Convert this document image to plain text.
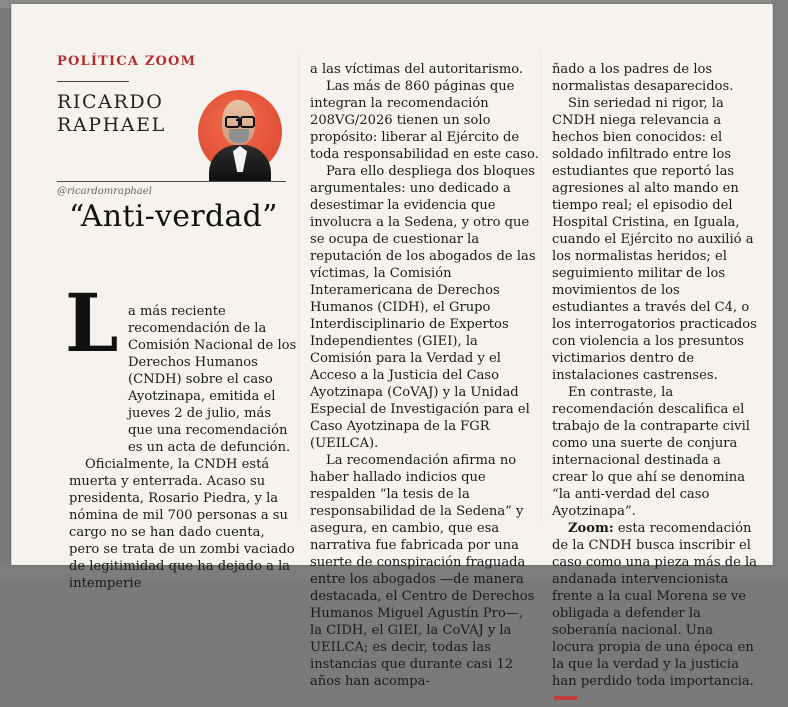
POLÍTICA ZOOM
RICARDO
RAPHAEL
@ricardomraphael
“Anti-verdad”
L a más reciente recomendación de la Comisión Nacional de los Derechos Humanos (CNDH) sobre el caso Ayotzinapa, emitida el jueves 2 de julio, más que una recomendación es un acta de defunción.

Oficialmente, la CNDH está muerta y enterrada. Acaso su presidenta, Rosario Piedra, y la nómina de mil 700 personas a su cargo no se han dado cuenta, pero se trata de un zombi vaciado de legitimidad que ha dejado a la intemperie

a las víctimas del autoritarismo.

Las más de 860 páginas que integran la recomendación 208VG/2026 tienen un solo propósito: liberar al Ejército de toda responsabilidad en este caso.

Para ello despliega dos bloques argumentales: uno dedicado a desestimar la evidencia que involucra a la Sedena, y otro que se ocupa de cuestionar la reputación de los abogados de las víctimas, la Comisión Interamericana de Derechos Humanos (CIDH), el Grupo Interdisciplinario de Expertos Independientes (GIEI), la Comisión para la Verdad y el Acceso a la Justicia del Caso Ayotzinapa (CoVAJ) y la Unidad Especial de Investigación para el Caso Ayotzinapa de la FGR (UEILCA).

La recomendación afirma no haber hallado indicios que respalden “la tesis de la responsabilidad de la Sedena” y asegura, en cambio, que esa narrativa fue fabricada por una suerte de conspiración fraguada entre los abogados —de manera destacada, el Centro de Derechos Humanos Miguel Agustín Pro—, la CIDH, el GIEI, la CoVAJ y la UEILCA; es decir, todas las instancias que durante casi 12 años han acompa-

ñado a los padres de los normalistas desaparecidos.

Sin seriedad ni rigor, la CNDH niega relevancia a hechos bien conocidos: el soldado infiltrado entre los estudiantes que reportó las agresiones al alto mando en tiempo real; el episodio del Hospital Cristina, en Iguala, cuando el Ejército no auxilió a los normalistas heridos; el seguimiento militar de los movimientos de los estudiantes a través del C4, o los interrogatorios practicados con violencia a los presuntos victimarios dentro de instalaciones castrenses.

En contraste, la recomendación descalifica el trabajo de la contraparte civil como una suerte de conjura internacional destinada a crear lo que ahí se denomina “la anti-verdad del caso Ayotzinapa”.

Zoom: esta recomendación de la CNDH busca inscribir el caso como una pieza más de la andanada intervencionista frente a la cual Morena se ve obligada a defender la soberanía nacional. Una locura propia de una época en la que la verdad y la justicia han perdido toda importancia.
